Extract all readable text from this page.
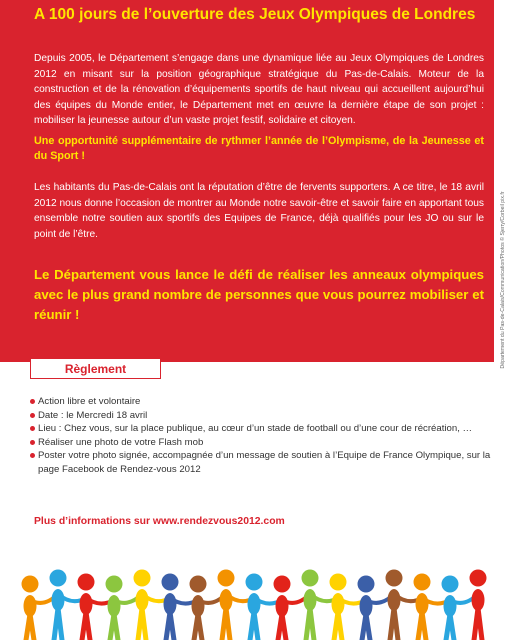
A 100 jours de l’ouverture des Jeux Olympiques de Londres

Depuis 2005, le Département s’engage dans une dynamique liée au Jeux Olympiques de Londres 2012 en misant sur la position géographique stratégique du Pas-de-Calais. Moteur de la construction et de la rénovation d’équipements sportifs de haut niveau qui accueillent aujourd’hui des équipes du Monde entier, le Département met en œuvre la dernière étape de son projet : mobiliser la jeunesse autour d’un vaste projet festif, solidaire et citoyen.

Une opportunité supplémentaire de rythmer l’année de l’Olympisme, de la Jeunesse et du Sport !

Les habitants du Pas-de-Calais ont la réputation d’être de fervents supporters. A ce titre, le 18 avril 2012 nous donne l’occasion de montrer au Monde notre savoir-être et savoir faire en apportant tous ensemble notre soutien aux sportifs des Equipes de France, déjà qualifiés pour les JO ou sur le point de l’être.

Le Département vous lance le défi de réaliser les anneaux olympiques avec le plus grand nombre de personnes que vous pourrez mobiliser et réunir !	Département du Pas-de-Calais/Communication/Photos © Sjerry/Corbeil pix.fr
Règlement
Action libre et volontaire
Date : le Mercredi 18 avril
Lieu : Chez vous, sur la place publique, au cœur d’un stade de football ou d’une cour de récréation, …
Réaliser une photo de votre Flash mob
Poster votre photo signée, accompagnée d’un message de soutien à l’Equipe de France Olympique, sur la page Facebook de Rendez-vous 2012

Plus d’informations sur www.rendezvous2012.com
